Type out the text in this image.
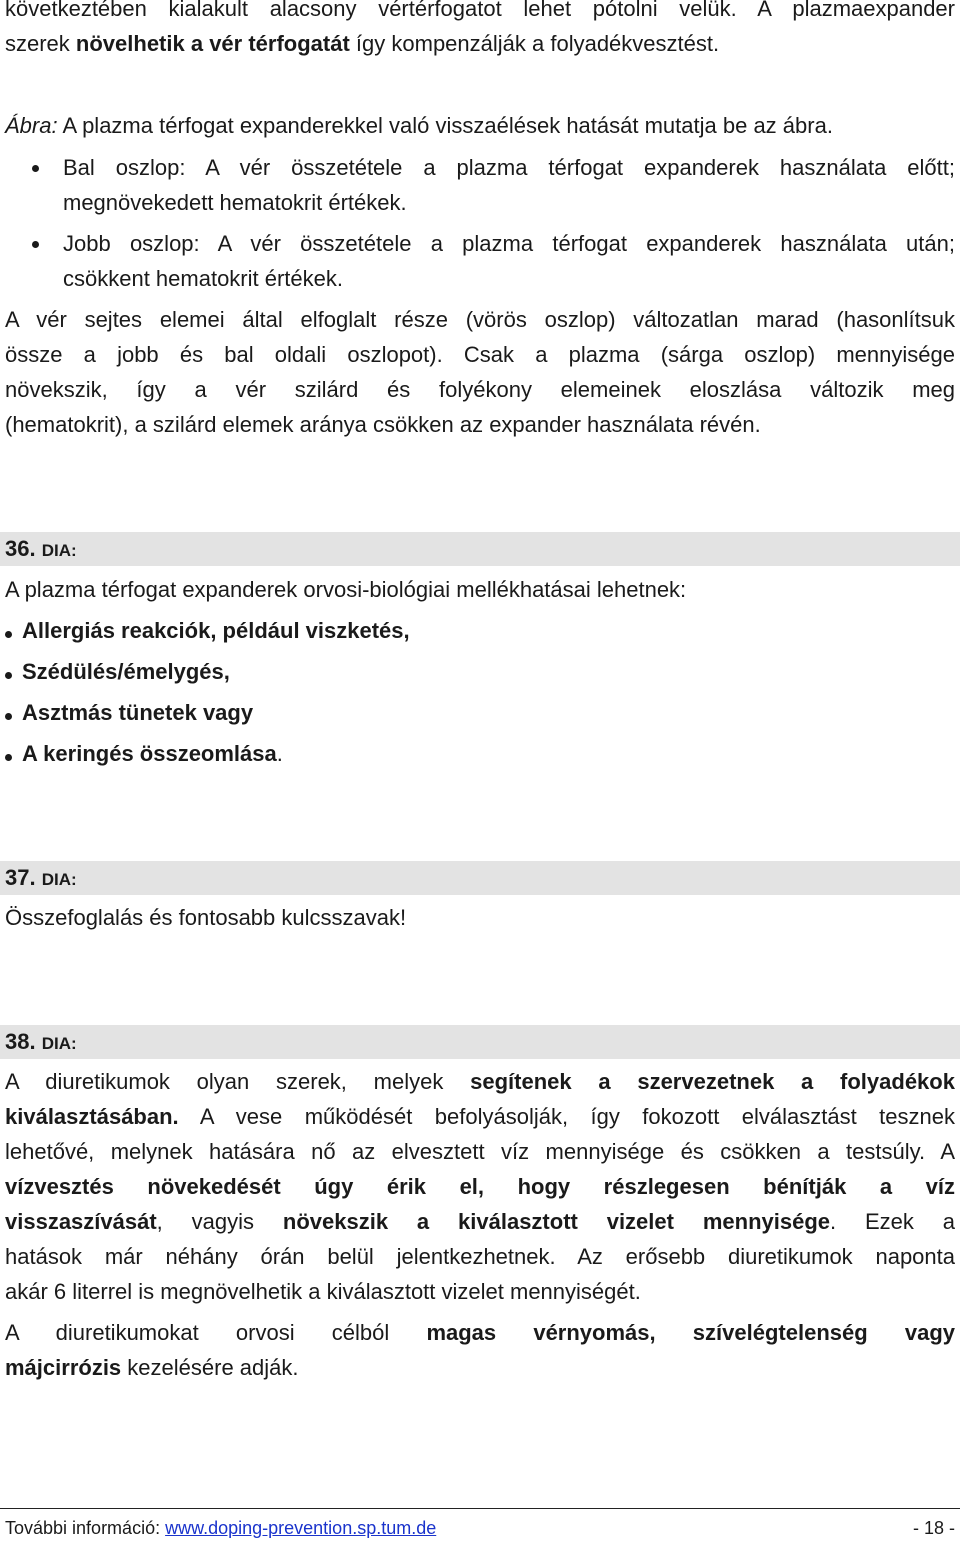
következtében kialakult alacsony vértérfogatot lehet pótolni velük. A plazmaexpander
szerek növelhetik a vér térfogatát így kompenzálják a folyadékvesztést.
Ábra: A plazma térfogat expanderekkel való visszaélések hatását mutatja be az ábra.
Bal oszlop: A vér összetétele a plazma térfogat expanderek használata előtt;
megnövekedett hematokrit értékek.
Jobb oszlop: A vér összetétele a plazma térfogat expanderek használata után;
csökkent hematokrit értékek.
A vér sejtes elemei által elfoglalt része (vörös oszlop) változatlan marad (hasonlítsuk
össze a jobb és bal oldali oszlopot). Csak a plazma (sárga oszlop) mennyisége
növekszik, így a vér szilárd és folyékony elemeinek eloszlása változik meg
(hematokrit), a szilárd elemek aránya csökken az expander használata révén.
36. DIA:
A plazma térfogat expanderek orvosi-biológiai mellékhatásai lehetnek:
Allergiás reakciók, például viszketés,
Szédülés/émelygés,
Asztmás tünetek vagy
A keringés összeomlása.
37. DIA:
Összefoglalás és fontosabb kulcsszavak!
38. DIA:
A diuretikumok olyan szerek, melyek segítenek a szervezetnek a folyadékok
kiválasztásában. A vese működését befolyásolják, így fokozott elválasztást tesznek
lehetővé, melynek hatására nő az elvesztett víz mennyisége és csökken a testsúly. A
vízvesztés növekedését úgy érik el, hogy részlegesen bénítják a víz
visszaszívását, vagyis növekszik a kiválasztott vizelet mennyisége. Ezek a
hatások már néhány órán belül jelentkezhetnek. Az erősebb diuretikumok naponta
akár 6 literrel is megnövelhetik a kiválasztott vizelet mennyiségét.
A diuretikumokat orvosi célból magas vérnyomás, szívelégtelenség vagy
májcirrózis kezelésére adják.
További információ: www.doping-prevention.sp.tum.de	- 18 -
